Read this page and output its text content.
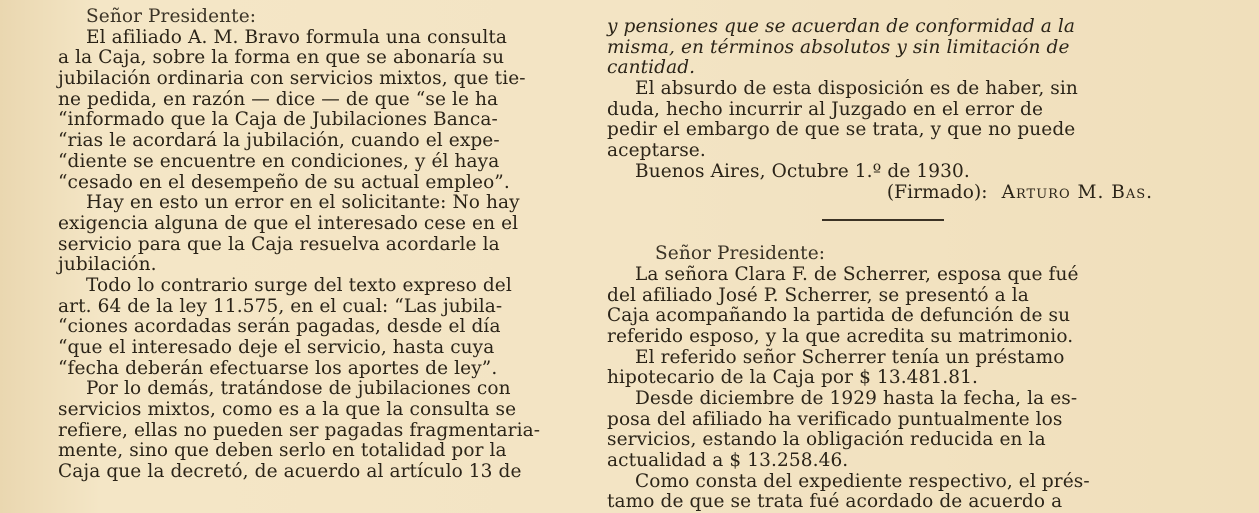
Señor Presidente:
El afiliado A. M. Bravo formula una consulta
a la Caja, sobre la forma en que se abonaría su
jubilación ordinaria con servicios mixtos, que tie-
ne pedida, en razón — dice — de que “se le ha
“informado que la Caja de Jubilaciones Banca-
“rias le acordará la jubilación, cuando el expe-
“diente se encuentre en condiciones, y él haya
“cesado en el desempeño de su actual empleo”.
Hay en esto un error en el solicitante: No hay
exigencia alguna de que el interesado cese en el
servicio para que la Caja resuelva acordarle la
jubilación.
Todo lo contrario surge del texto expreso del
art. 64 de la ley 11.575, en el cual: “Las jubila-
“ciones acordadas serán pagadas, desde el día
“que el interesado deje el servicio, hasta cuya
“fecha deberán efectuarse los aportes de ley”.
Por lo demás, tratándose de jubilaciones con
servicios mixtos, como es a la que la consulta se
refiere, ellas no pueden ser pagadas fragmentaria-
mente, sino que deben serlo en totalidad por la
Caja que la decretó, de acuerdo al artículo 13 de
y pensiones que se acuerdan de conformidad a la
misma, en términos absolutos y sin limitación de
cantidad.
El absurdo de esta disposición es de haber, sin
duda, hecho incurrir al Juzgado en el error de
pedir el embargo de que se trata, y que no puede
aceptarse.
Buenos Aires, Octubre 1.º de 1930.
(Firmado): Arturo M. Bas.
Señor Presidente:
La señora Clara F. de Scherrer, esposa que fué
del afiliado José P. Scherrer, se presentó a la
Caja acompañando la partida de defunción de su
referido esposo, y la que acredita su matrimonio.
El referido señor Scherrer tenía un préstamo
hipotecario de la Caja por $ 13.481.81.
Desde diciembre de 1929 hasta la fecha, la es-
posa del afiliado ha verificado puntualmente los
servicios, estando la obligación reducida en la
actualidad a $ 13.258.46.
Como consta del expediente respectivo, el prés-
tamo de que se trata fué acordado de acuerdo a
